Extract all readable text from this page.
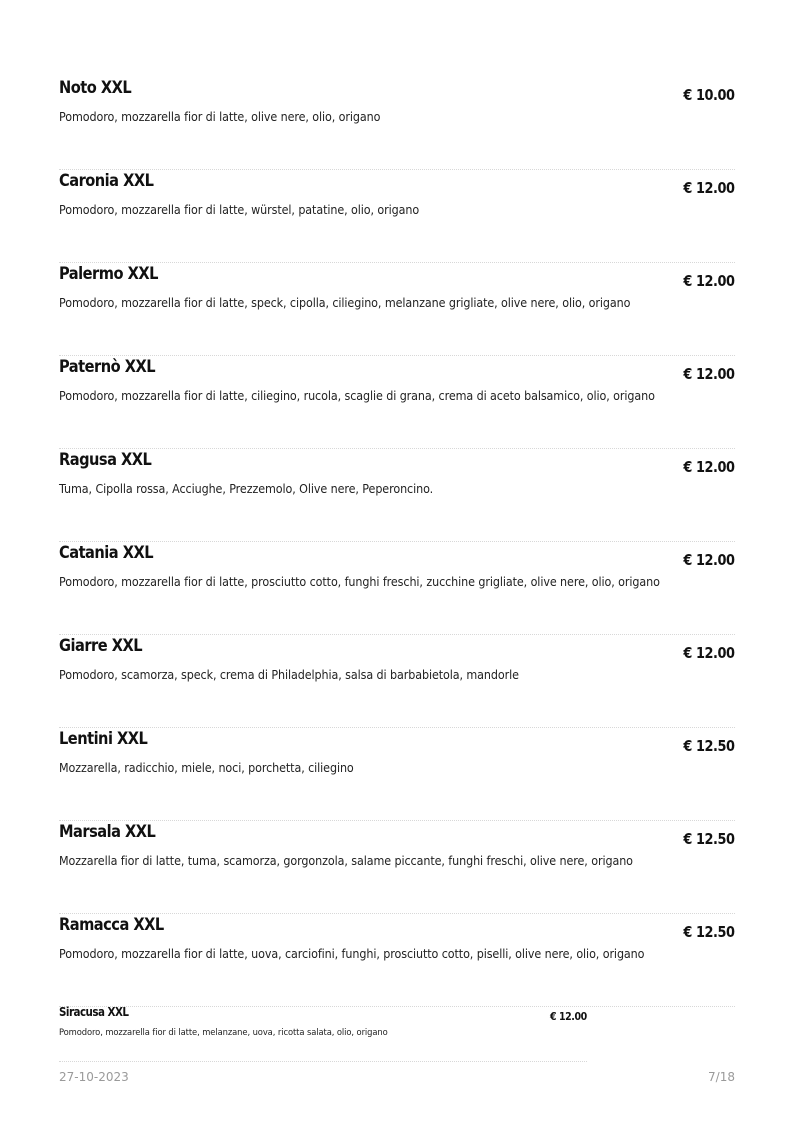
Noto XXL	€ 10.00
Pomodoro, mozzarella fior di latte, olive nere, olio, origano
Caronia XXL	€ 12.00
Pomodoro, mozzarella fior di latte, würstel, patatine, olio, origano
Palermo XXL	€ 12.00
Pomodoro, mozzarella fior di latte, speck, cipolla, ciliegino, melanzane grigliate, olive nere, olio, origano
Paternò XXL	€ 12.00
Pomodoro, mozzarella fior di latte, ciliegino, rucola, scaglie di grana, crema di aceto balsamico, olio, origano
Ragusa XXL	€ 12.00
Tuma, Cipolla rossa, Acciughe, Prezzemolo, Olive nere, Peperoncino.
Catania XXL	€ 12.00
Pomodoro, mozzarella fior di latte, prosciutto cotto, funghi freschi, zucchine grigliate, olive nere, olio, origano
Giarre XXL	€ 12.00
Pomodoro, scamorza, speck, crema di Philadelphia, salsa di barbabietola, mandorle
Lentini XXL	€ 12.50
Mozzarella, radicchio, miele, noci, porchetta, ciliegino
Marsala XXL	€ 12.50
Mozzarella fior di latte, tuma, scamorza, gorgonzola, salame piccante, funghi freschi, olive nere, origano
Ramacca XXL	€ 12.50
Pomodoro, mozzarella fior di latte, uova, carciofini, funghi, prosciutto cotto, piselli, olive nere, olio, origano
Siracusa XXL	€ 12.00
Pomodoro, mozzarella fior di latte, melanzane, uova, ricotta salata, olio, origano
27-10-2023	7/18
